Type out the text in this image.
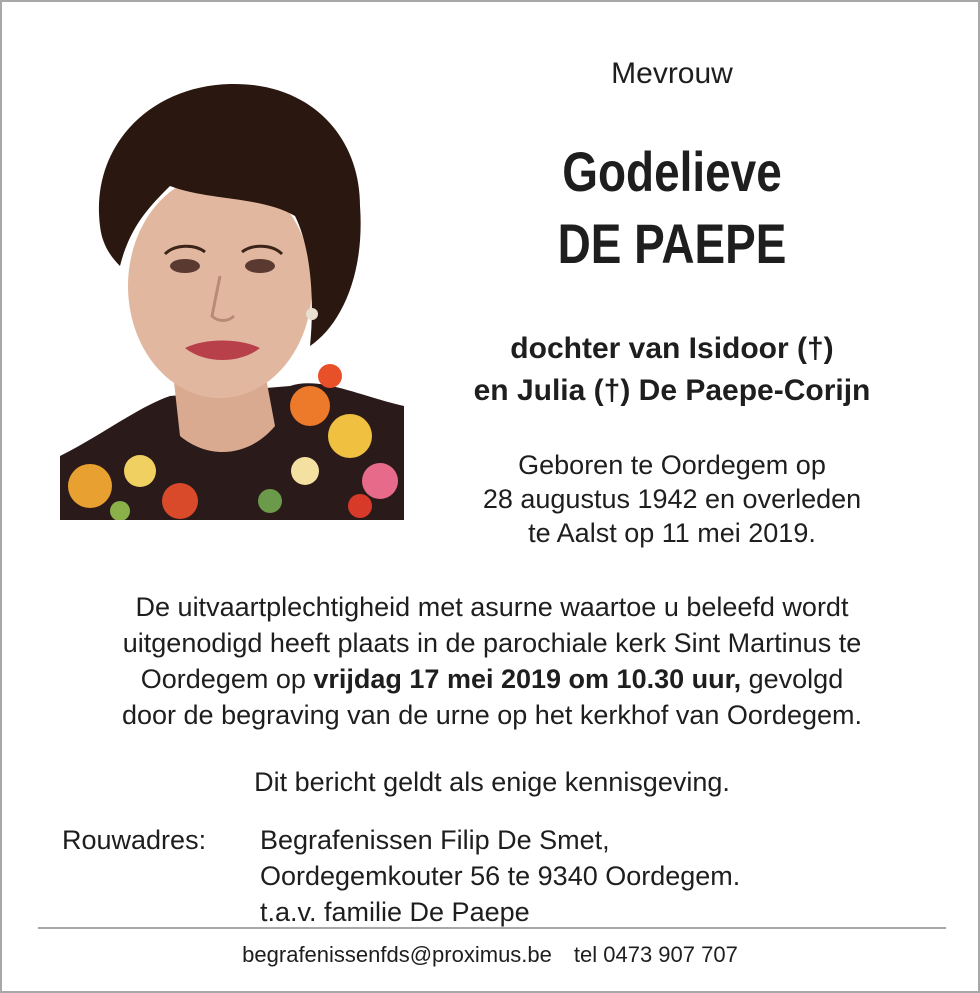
Mevrouw
Godelieve
DE PAEPE
dochter van Isidoor (†)
en Julia (†) De Paepe-Corijn
Geboren te Oordegem op
28 augustus 1942 en overleden
te Aalst op 11 mei 2019.
De uitvaartplechtigheid met asurne waartoe u beleefd wordt
uitgenodigd heeft plaats in de parochiale kerk Sint Martinus te
Oordegem op vrijdag 17 mei 2019 om 10.30 uur, gevolgd
door de begraving van de urne op het kerkhof van Oordegem.
Dit bericht geldt als enige kennisgeving.
Rouwadres: Begrafenissen Filip De Smet,
Oordegemkouter 56 te 9340 Oordegem.
t.a.v. familie De Paepe
begrafenissenfds@proximus.be tel 0473 907 707
